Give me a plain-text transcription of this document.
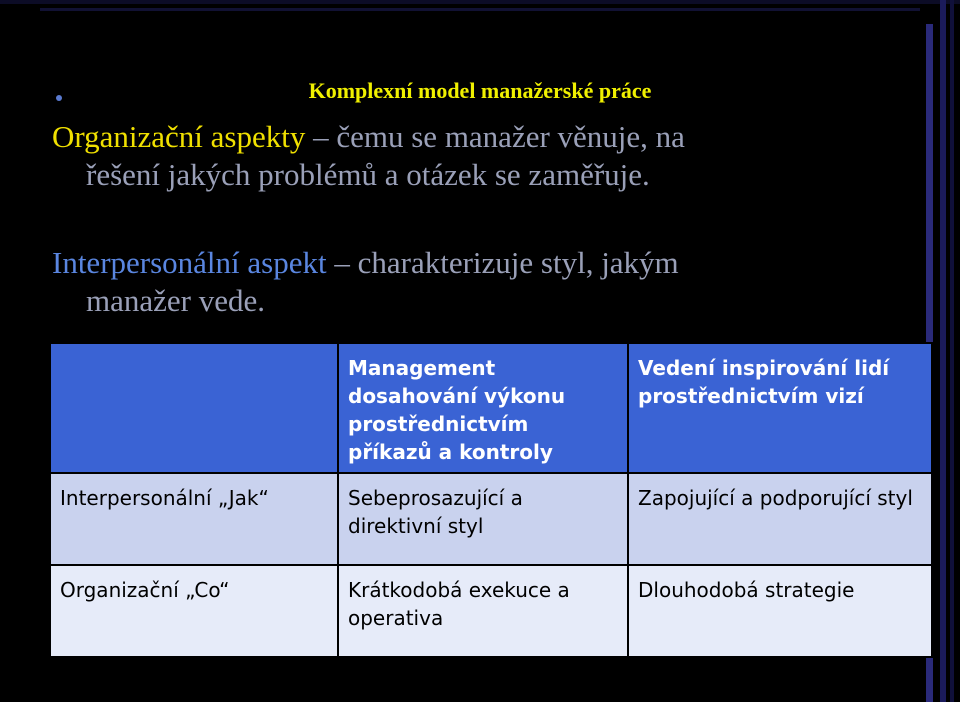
Komplexní model manažerské práce
Organizační aspekty – čemu se manažer věnuje, na
řešení jakých problémů a otázek se zaměřuje.
Interpersonální aspekt – charakterizuje styl, jakým
manažer vede.
	Management dosahování výkonu prostřednictvím příkazů a kontroly	Vedení inspirování lidí prostřednictvím vizí
Interpersonální „Jak“	Sebeprosazující a direktivní styl	Zapojující a podporující styl
Organizační „Co“	Krátkodobá exekuce a operativa	Dlouhodobá strategie
